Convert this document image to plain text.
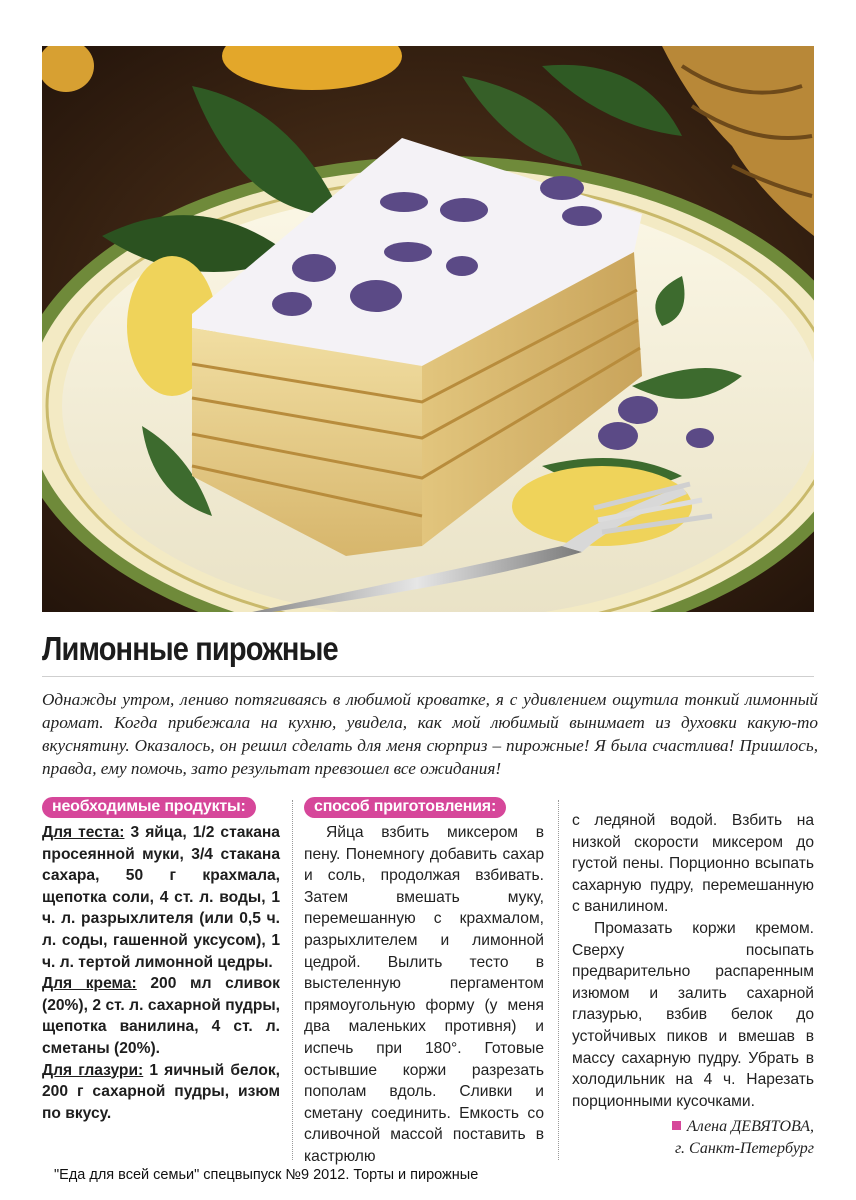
Лимонные пирожные
Однажды утром, лениво потягиваясь в любимой кроватке, я с удивлением ощутила тонкий лимонный аромат. Когда прибежала на кухню, увидела, как мой любимый вынимает из духовки какую-то вкуснятину. Оказалось, он решил сделать для меня сюрприз – пирожные! Я была счастлива! Пришлось, правда, ему помочь, зато результат превзошел все ожидания!
необходимые продукты:

Для теста: 3 яйца, 1/2 стакана просеянной муки, 3/4 стакана сахара, 50 г крахмала, щепотка соли, 4 ст. л. воды, 1 ч. л. разрыхлителя (или 0,5 ч. л. соды, гашенной уксусом), 1 ч. л. тертой лимонной цедры.

Для крема: 200 мл сливок (20%), 2 ст. л. сахарной пудры, щепотка ванилина, 4 ст. л. сметаны (20%).

Для глазури: 1 яичный белок, 200 г сахарной пудры, изюм по вкусу.

способ приготовления:

Яйца взбить миксером в пену. Понемногу добавить сахар и соль, продолжая взбивать. Затем вмешать муку, перемешанную с крахмалом, разрыхлителем и лимонной цедрой. Вылить тесто в выстеленную пергаментом прямоугольную форму (у меня два маленьких противня) и испечь при 180°. Готовые остывшие коржи разрезать пополам вдоль. Сливки и сметану соединить. Емкость со сливочной массой поставить в кастрюлю

с ледяной водой. Взбить на низкой скорости миксером до густой пены. Порционно всыпать сахарную пудру, перемешанную с ванилином.

Промазать коржи кремом. Сверху посыпать предварительно распаренным изюмом и залить сахарной глазурью, взбив белок до устойчивых пиков и вмешав в массу сахарную пудру. Убрать в холодильник на 4 ч. Нарезать порционными кусочками.

Алена ДЕВЯТОВА,
г. Санкт-Петербург
"Еда для всей семьи" спецвыпуск №9 2012. Торты и пирожные
